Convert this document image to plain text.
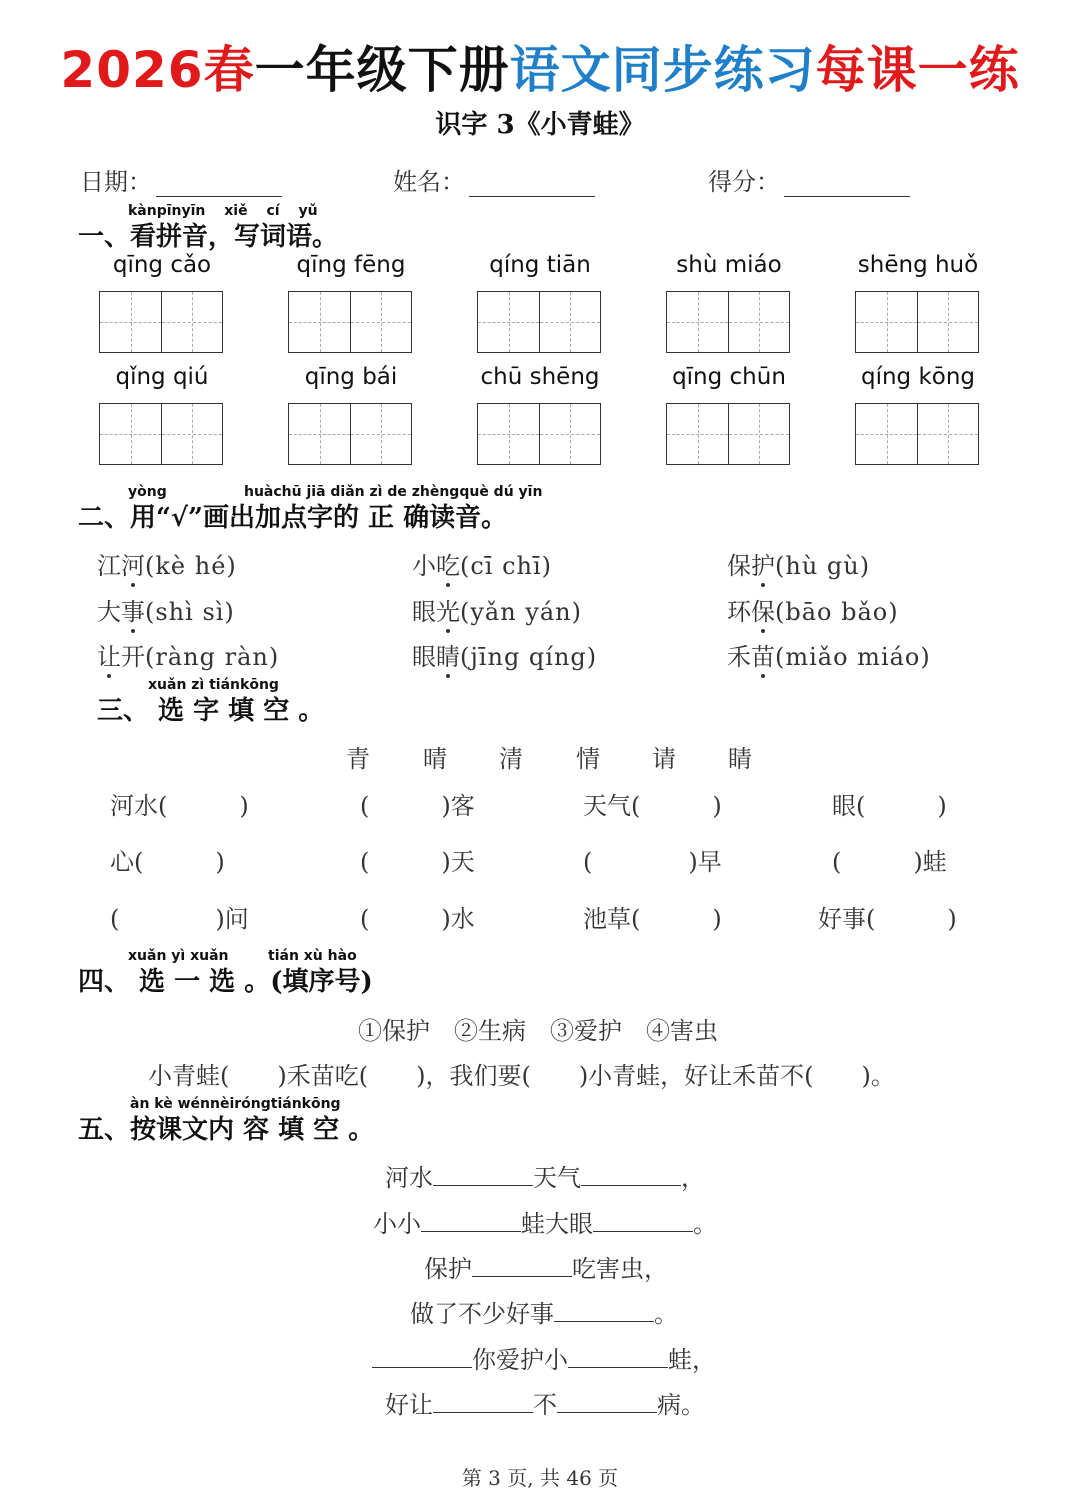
2026春一年级下册语文同步练习每课一练
识字 3《小青蛙》
日期：	姓名：	得分：
kànpīnyīn xiě cí yǔ
一、看拼音，写词语。
qīng cǎo	qīng fēng	qíng tiān	shù miáo	shēng huǒ
qǐng qiú	qīng bái	chū shēng	qīng chūn	qíng kōng
yòng	huàchū jiā diǎn zì de zhèngquè dú yīn
二、用“√”画出加点字的 正 确读音。
江河(kè hé)	小吃(cī chī)	保护(hù gù)
大事(shì sì)	眼光(yǎn yán)	环保(bāo bǎo)
让开(ràng ràn)	眼睛(jīng qíng)	禾苗(miǎo miáo)
xuǎn zì tiánkōng
三、 选 字 填 空 。
青 晴 清 情 请 睛
河水(　　　)	(　　　)客	天气(　　　)	眼(　　　)
心(　　　)	(　　　)天	(　　　　)早	(　　　)蛙
(　　　　)问	(　　　)水	池草(　　　)	好事(　　　)
xuǎn yì xuǎn	tián xù hào
四、 选 一 选 。(填序号)
①保护　②生病　③爱护　④害虫
小青蛙(　　)禾苗吃(　　)，我们要(　　)小青蛙，好让禾苗不(　　)。
àn kè wénnèiróngtiánkōng
五、按课文内 容 填 空 。
河水	天气	，
小小	蛙大眼	。
保护	吃害虫，
做了不少好事	。
你爱护小	蛙，
好让	不	病。
第 3 页, 共 46 页
